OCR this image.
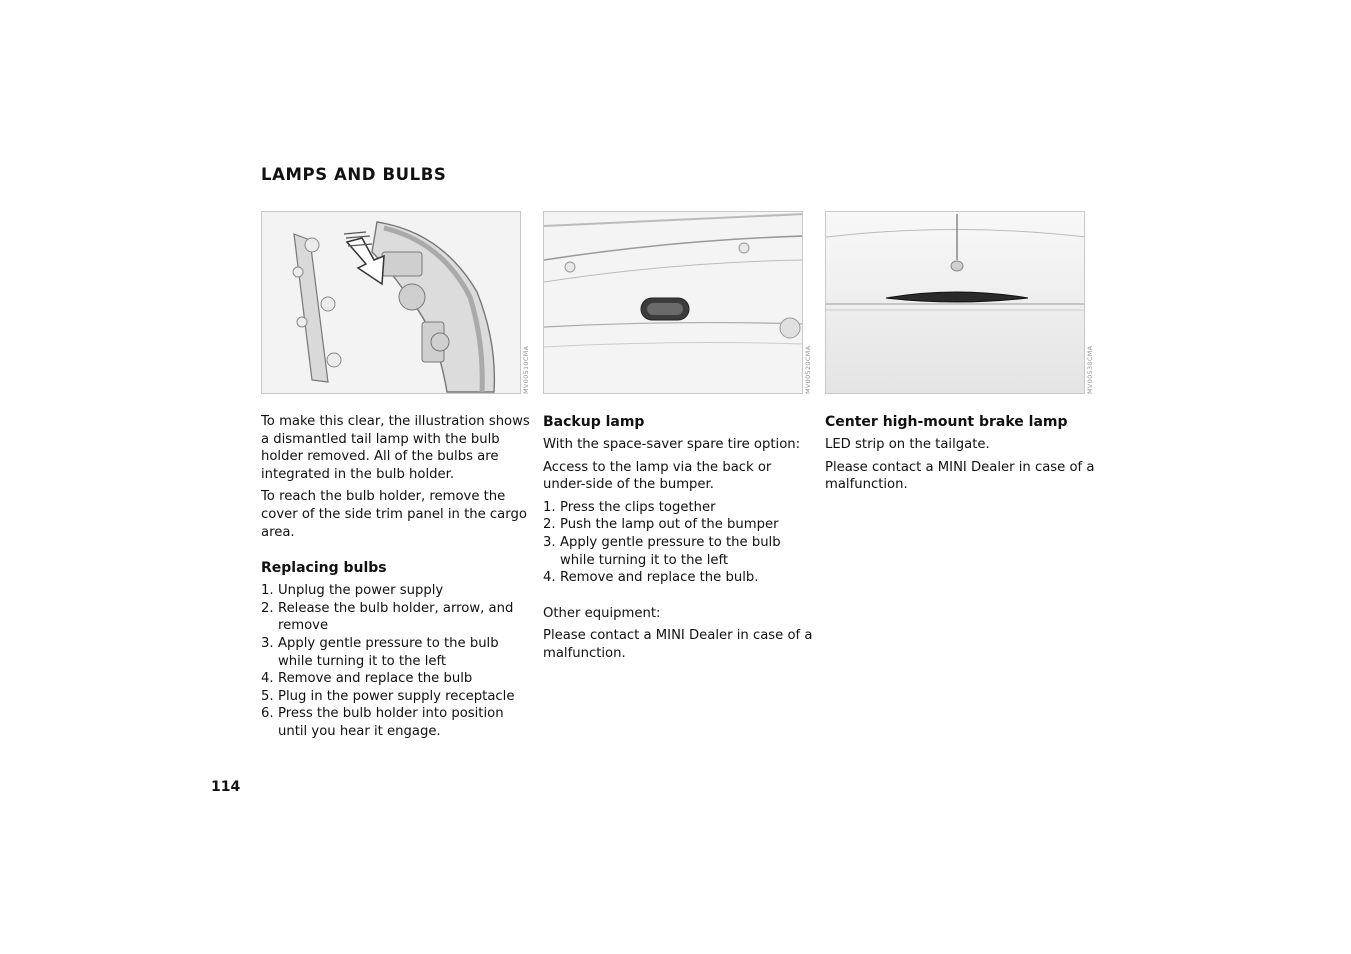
LAMPS AND BULBS
MV00510CMA	MV00520CMA	MV00530CMA

To make this clear, the illustration shows a dismantled tail lamp with the bulb holder removed. All of the bulbs are integrated in the bulb holder.

To reach the bulb holder, remove the cover of the side trim panel in the cargo area.

Replacing bulbs
1. Unplug the power supply
2. Release the bulb holder, arrow, and remove
3. Apply gentle pressure to the bulb while turning it to the left
4. Remove and replace the bulb
5. Plug in the power supply receptacle
6. Press the bulb holder into position until you hear it engage.
Backup lamp

With the space-saver spare tire option:

Access to the lamp via the back or under-side of the bumper.

1. Press the clips together
2. Push the lamp out of the bumper
3. Apply gentle pressure to the bulb while turning it to the left
4. Remove and replace the bulb.

Other equipment:

Please contact a MINI Dealer in case of a malfunction.

Center high-mount brake lamp

LED strip on the tailgate.

Please contact a MINI Dealer in case of a malfunction.

114
